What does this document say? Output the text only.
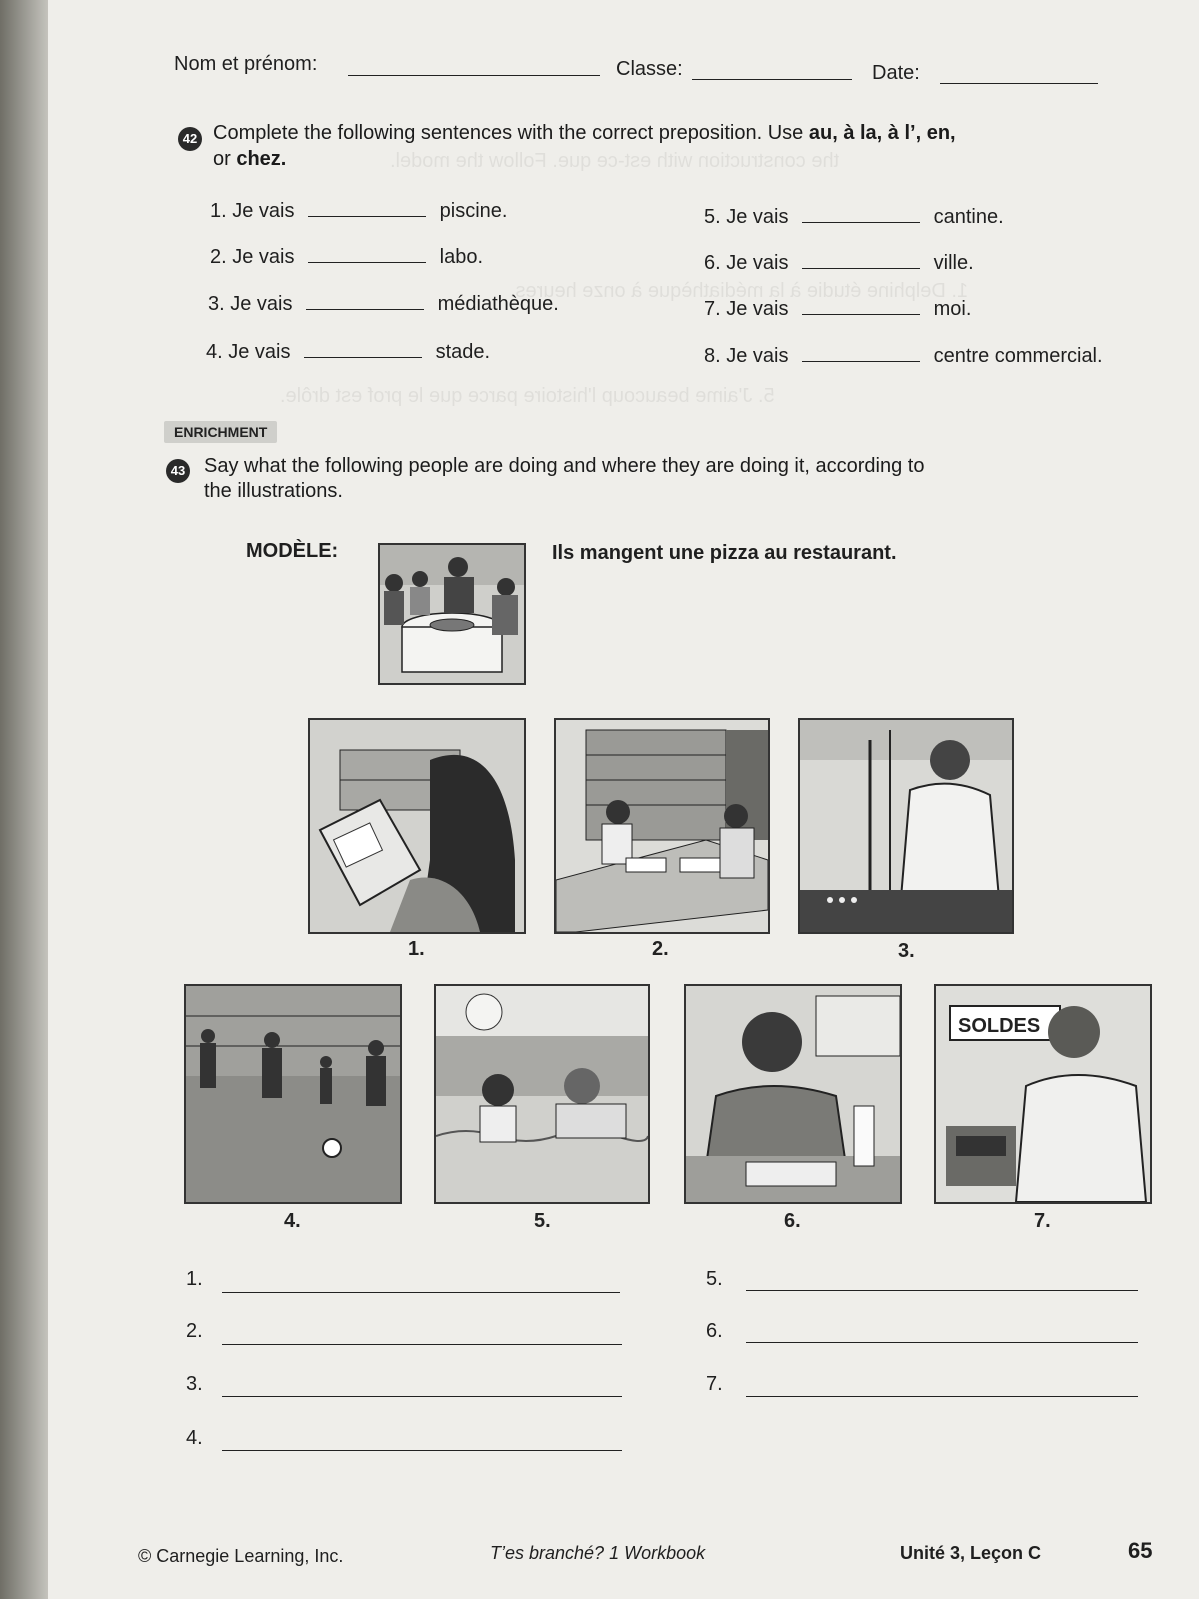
Nom et prénom:	Classe:	Date:
the construction with est-ce que. Follow the model.
1. Delphine étudie à la médiathèque à onze heures.
5. J'aime beaucoup l'histoire parce que le prof est drôle.
42 Complete the following sentences with the correct preposition. Use au, à la, à l’, en,
or chez.
1. Je vais	piscine.
2. Je vais	labo.
3. Je vais	médiathèque.
4. Je vais	stade.
5. Je vais	cantine.
6. Je vais	ville.
7. Je vais	moi.
8. Je vais	centre commercial.
ENRICHMENT
43 Say what the following people are doing and where they are doing it, according to
the illustrations.
MODÈLE:	Ils mangent une pizza au restaurant.
1.	2.	3.
SOLDES
4.	5.	6.	7.
1.
2.
3.
4.
5.
6.
7.
© Carnegie Learning, Inc.	T’es branché? 1 Workbook	Unité 3, Leçon C	65
